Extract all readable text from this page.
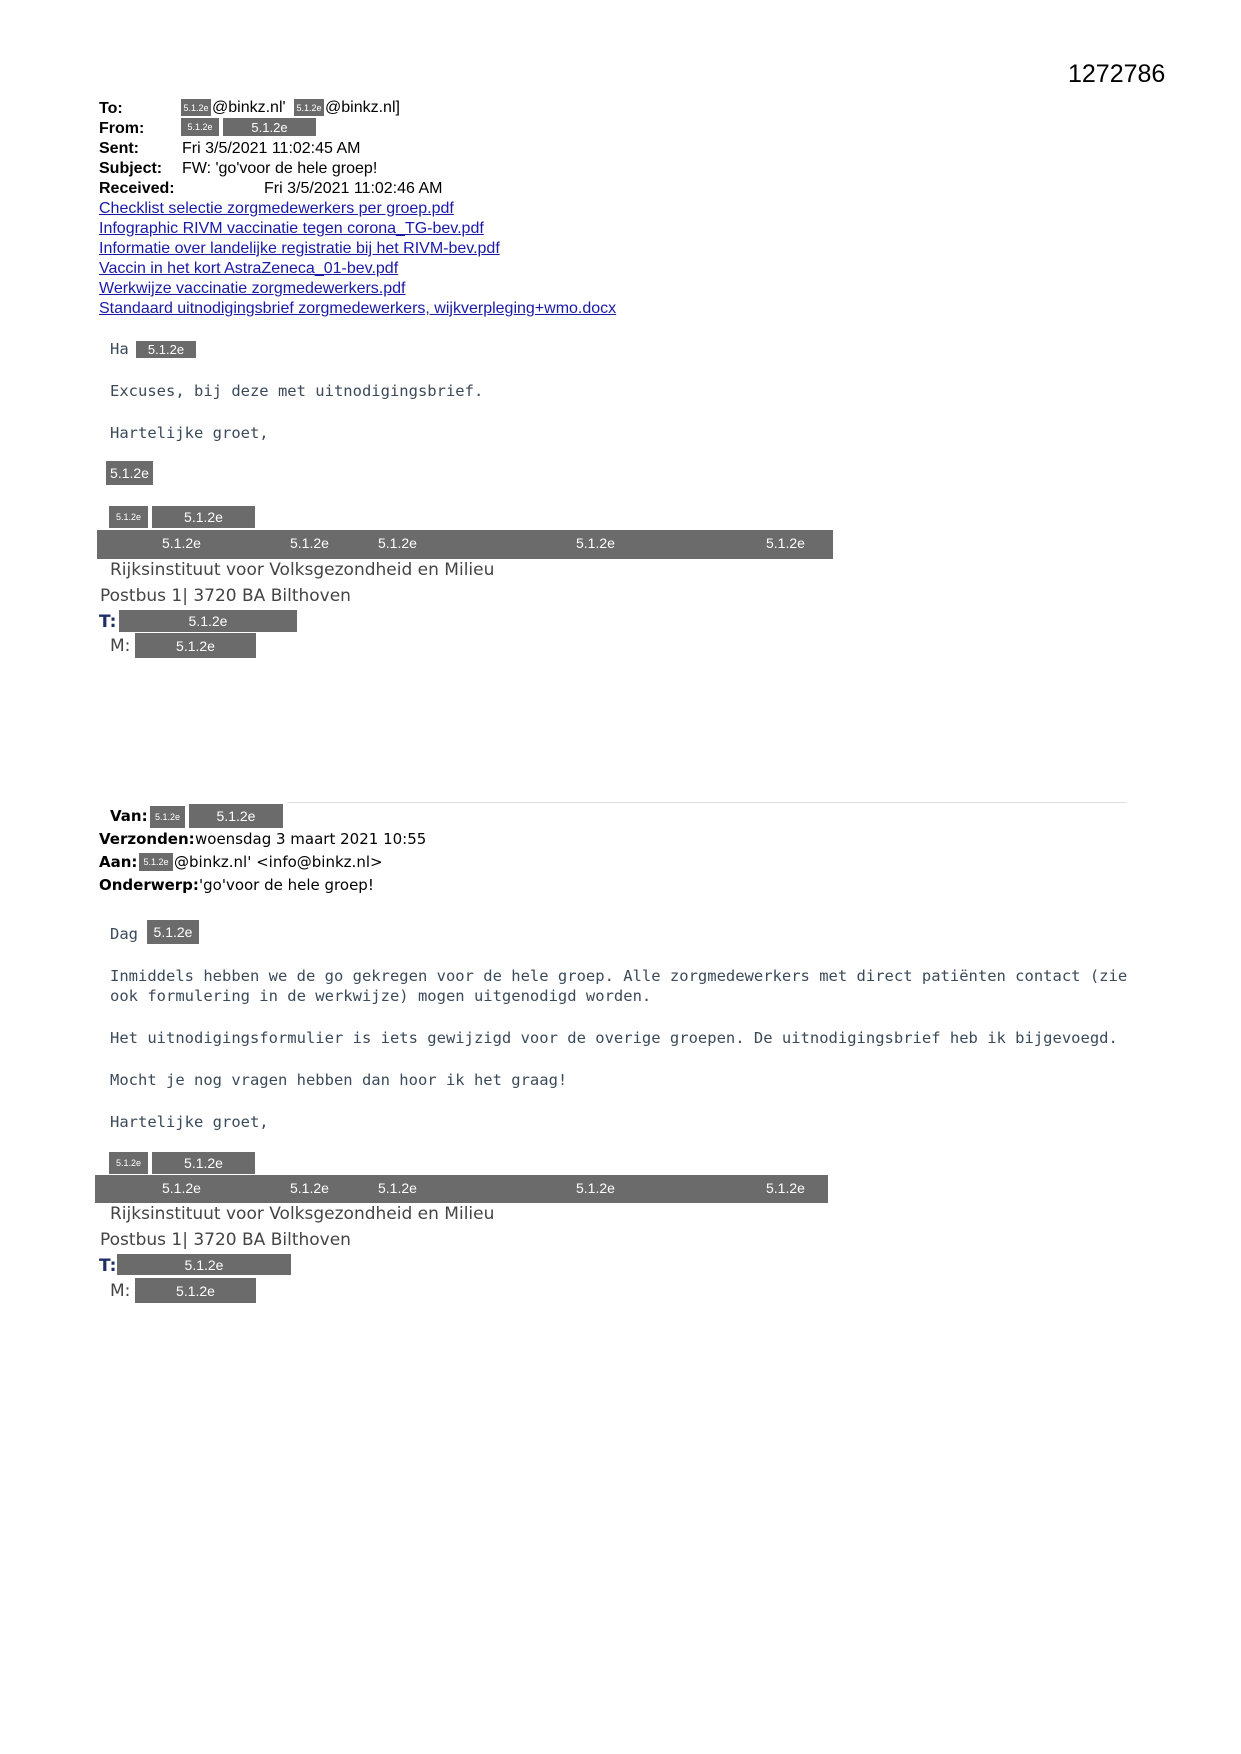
1272786
To:	5.1.2e @binkz.nl' 5.1.2e @binkz.nl]
From:	5.1.2e	5.1.2e
Sent:	Fri 3/5/2021 11:02:45 AM
Subject: FW: 'go'voor de hele groep!
Received:	Fri 3/5/2021 11:02:46 AM
Checklist selectie zorgmedewerkers per groep.pdf
Infographic RIVM vaccinatie tegen corona_TG-bev.pdf
Informatie over landelijke registratie bij het RIVM-bev.pdf
Vaccin in het kort AstraZeneca_01-bev.pdf
Werkwijze vaccinatie zorgmedewerkers.pdf
Standaard uitnodigingsbrief zorgmedewerkers, wijkverpleging+wmo.docx
Ha	5.1.2e
Excuses, bij deze met uitnodigingsbrief.
Hartelijke groet,
5.1.2e
5.1.2e	5.1.2e
5.1.2e	5.1.2e	5.1.2e	5.1.2e	5.1.2e
Rijksinstituut voor Volksgezondheid en Milieu
Postbus 1| 3720 BA Bilthoven
T:	5.1.2e
M:	5.1.2e
Van: 5.1.2e	5.1.2e
Verzonden: woensdag 3 maart 2021 10:55
Aan: 5.1.2e @binkz.nl' <info@binkz.nl>
Onderwerp: 'go'voor de hele groep!
Dag	5.1.2e
Inmiddels hebben we de go gekregen voor de hele groep. Alle zorgmedewerkers met direct patiënten contact (zie
ook formulering in de werkwijze) mogen uitgenodigd worden.
Het uitnodigingsformulier is iets gewijzigd voor de overige groepen. De uitnodigingsbrief heb ik bijgevoegd.
Mocht je nog vragen hebben dan hoor ik het graag!
Hartelijke groet,
5.1.2e	5.1.2e
5.1.2e	5.1.2e	5.1.2e	5.1.2e	5.1.2e
Rijksinstituut voor Volksgezondheid en Milieu
Postbus 1| 3720 BA Bilthoven
T:	5.1.2e
M:	5.1.2e
